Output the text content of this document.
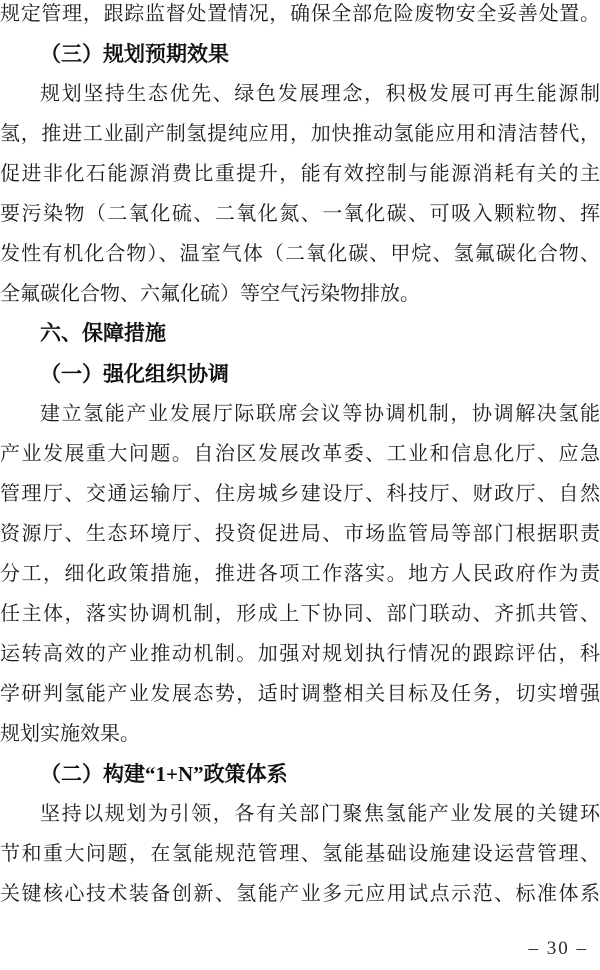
规定管理，跟踪监督处置情况，确保全部危险废物安全妥善处置。
（三）规划预期效果
规划坚持生态优先、绿色发展理念，积极发展可再生能源制
氢，推进工业副产制氢提纯应用，加快推动氢能应用和清洁替代，
促进非化石能源消费比重提升，能有效控制与能源消耗有关的主
要污染物（二氧化硫、二氧化氮、一氧化碳、可吸入颗粒物、挥
发性有机化合物）、温室气体（二氧化碳、甲烷、氢氟碳化合物、
全氟碳化合物、六氟化硫）等空气污染物排放。
六、保障措施
（一）强化组织协调
建立氢能产业发展厅际联席会议等协调机制，协调解决氢能
产业发展重大问题。自治区发展改革委、工业和信息化厅、应急
管理厅、交通运输厅、住房城乡建设厅、科技厅、财政厅、自然
资源厅、生态环境厅、投资促进局、市场监管局等部门根据职责
分工，细化政策措施，推进各项工作落实。地方人民政府作为责
任主体，落实协调机制，形成上下协同、部门联动、齐抓共管、
运转高效的产业推动机制。加强对规划执行情况的跟踪评估，科
学研判氢能产业发展态势，适时调整相关目标及任务，切实增强
规划实施效果。
（二）构建“1+N”政策体系
坚持以规划为引领，各有关部门聚焦氢能产业发展的关键环
节和重大问题，在氢能规范管理、氢能基础设施建设运营管理、
关键核心技术装备创新、氢能产业多元应用试点示范、标准体系
– 30 –
